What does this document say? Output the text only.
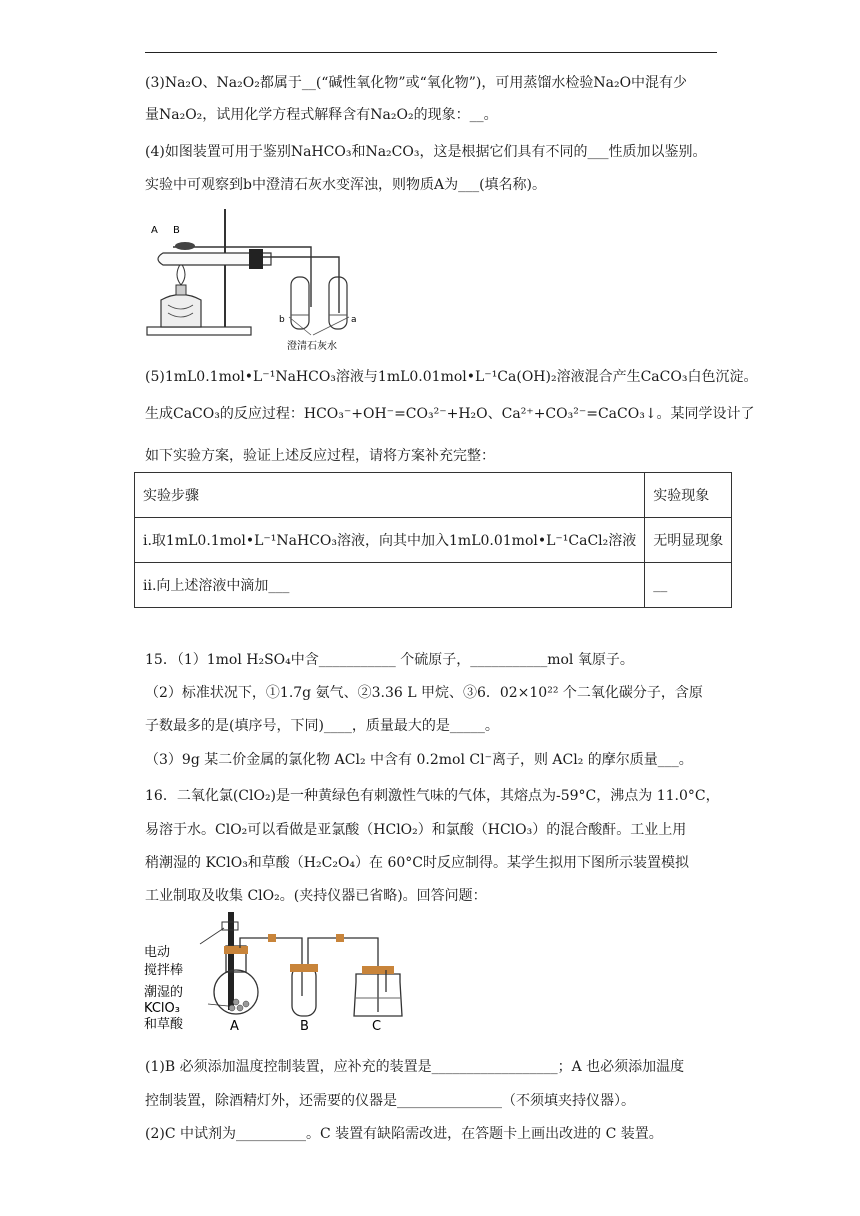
(3)Na₂O、Na₂O₂都属于__(“碱性氧化物”或“氧化物”)，可用蒸馏水检验Na₂O中混有少
量Na₂O₂，试用化学方程式解释含有Na₂O₂的现象：__。
(4)如图装置可用于鉴别NaHCO₃和Na₂CO₃，这是根据它们具有不同的___性质加以鉴别。
实验中可观察到b中澄清石灰水变浑浊，则物质A为___(填名称)。
A B
b	a
澄清石灰水
(5)1mL0.1mol•L⁻¹NaHCO₃溶液与1mL0.01mol•L⁻¹Ca(OH)₂溶液混合产生CaCO₃白色沉淀。
生成CaCO₃的反应过程：HCO₃⁻+OH⁻=CO₃²⁻+H₂O、Ca²⁺+CO₃²⁻=CaCO₃↓。某同学设计了
如下实验方案，验证上述反应过程，请将方案补充完整：
实验步骤	实验现象
i.取1mL0.1mol•L⁻¹NaHCO₃溶液，向其中加入1mL0.01mol•L⁻¹CaCl₂溶液	无明显现象
ii.向上述溶液中滴加___	__
15．（1）1mol H₂SO₄中含___________ 个硫原子，___________mol 氧原子。
（2）标准状况下，①1.7g 氨气、②3.36 L 甲烷、③6．02×10²² 个二氧化碳分子，含原
子数最多的是(填序号，下同)____，质量最大的是_____。
（3）9g 某二价金属的氯化物 ACl₂ 中含有 0.2mol Cl⁻离子，则 ACl₂ 的摩尔质量___。
16．二氧化氯(ClO₂)是一种黄绿色有刺激性气味的气体，其熔点为-59°C，沸点为 11.0°C，
易溶于水。ClO₂可以看做是亚氯酸（HClO₂）和氯酸（HClO₃）的混合酸酐。工业上用
稍潮湿的 KClO₃和草酸（H₂C₂O₄）在 60°C时反应制得。某学生拟用下图所示装置模拟
工业制取及收集 ClO₂。(夹持仪器已省略)。回答问题：
电动
搅拌棒
潮湿的
KClO₃
和草酸	A	B	C
(1)B 必须添加温度控制装置，应补充的装置是__________________；A 也必须添加温度
控制装置，除酒精灯外，还需要的仪器是_______________（不须填夹持仪器）。
(2)C 中试剂为__________。C 装置有缺陷需改进，在答题卡上画出改进的 C 装置。
